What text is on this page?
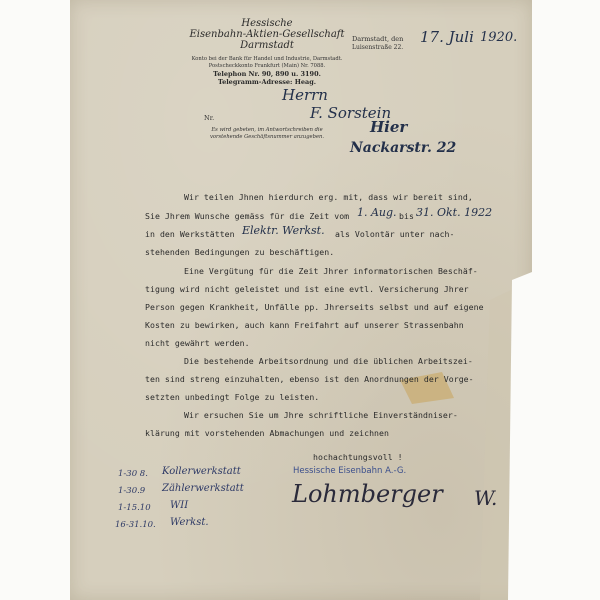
Hessische
Eisenbahn-Aktien-Gesellschaft
Darmstadt
Konto bei der Bank für Handel und Industrie, Darmstadt.
Postscheckkonto Frankfurt (Main) Nr. 7088.
Telephon Nr. 90, 890 u. 3190.
Telegramm-Adresse: Heag.
Nr.
Es wird gebeten, im Antwortschreiben die
vorstehende Geschäftsnummer anzugeben.
Darmstadt, den
Luisenstraße 22.
17. Juli 1920.
Herrn
F. Sorstein
Hier
Nackarstr. 22
Wir teilen Jhnen hierdurch erg. mit, dass wir bereit sind,
Sie Jhrem Wunsche gemäss für die Zeit vom 1. Aug. bis 31. Okt. 1922
in den Werkstätten Elektr. Werkst. als Volontär unter nach-
stehenden Bedingungen zu beschäftigen.
Eine Vergütung für die Zeit Jhrer informatorischen Beschäf-
tigung wird nicht geleistet und ist eine evtl. Versicherung Jhrer
Person gegen Krankheit, Unfälle pp. Jhrerseits selbst und auf eigene
Kosten zu bewirken, auch kann Freifahrt auf unserer Strassenbahn
nicht gewährt werden.
Die bestehende Arbeitsordnung und die üblichen Arbeitszei-
ten sind streng einzuhalten, ebenso ist den Anordnungen der Vorge-
setzten unbedingt Folge zu leisten.
Wir ersuchen Sie um Jhre schriftliche Einverständniser-
klärung mit vorstehenden Abmachungen und zeichnen
hochachtungsvoll !
Hessische Eisenbahn A.-G.
Lohmberger W.
1-30 8. Kollerwerkstatt
1-30.9 Zählerwerkstatt
1-15.10 WII
16-31.10. Werkst.
